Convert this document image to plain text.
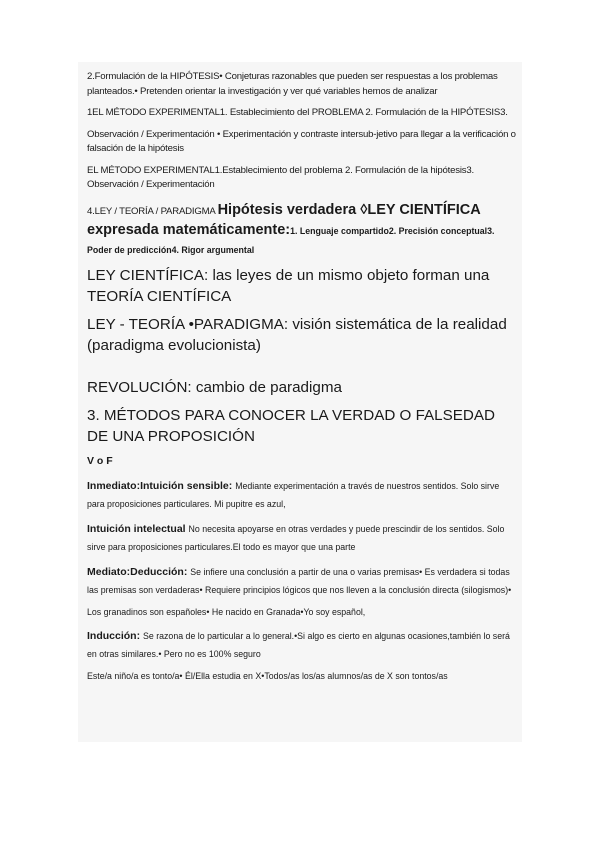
2.Formulación de la HIPÓTESIS• Conjeturas razonables que pueden ser respuestas a los problemas planteados.• Pretenden orientar la investigación y ver qué variables hemos de analizar

1EL MÉTODO EXPERIMENTAL1. Establecimiento del PROBLEMA 2. Formulación de la HIPÓTESIS3.

Observación / Experimentación • Experimentación y contraste intersub-jetivo para llegar a la verificación o falsación de la hipótesis

EL MÉTODO EXPERIMENTAL1.Establecimiento del problema 2. Formulación de la hipótesis3. Observación / Experimentación

4.LEY / TEORÍA / PARADIGMA Hipótesis verdadera ◊LEY CIENTÍFICA expresada matemáticamente:1. Lenguaje compartido2. Precisión conceptual3. Poder de predicción4. Rigor argumental

LEY CIENTÍFICA: las leyes de un mismo objeto forman una TEORÍA CIENTÍFICA

LEY - TEORÍA •PARADIGMA: visión sistemática de la realidad (paradigma evolucionista)

REVOLUCIÓN: cambio de paradigma

3. MÉTODOS PARA CONOCER LA VERDAD O FALSEDAD DE UNA PROPOSICIÓN

V o F

Inmediato:Intuición sensible: Mediante experimentación a través de nuestros sentidos. Solo sirve para proposiciones particulares. Mi pupitre es azul,

Intuición intelectual No necesita apoyarse en otras verdades y puede prescindir de los sentidos. Solo sirve para proposiciones particulares.El todo es mayor que una parte

Mediato:Deducción: Se infiere una conclusión a partir de una o varias premisas• Es verdadera si todas las premisas son verdaderas• Requiere principios lógicos que nos lleven a la conclusión directa (silogismos)•

Los granadinos son españoles• He nacido en Granada•Yo soy español,

Inducción: Se razona de lo particular a lo general.•Si algo es cierto en algunas ocasiones,también lo será en otras similares.• Pero no es 100% seguro

Este/a niño/a es tonto/a• Él/Ella estudia en X•Todos/as los/as alumnos/as de X son tontos/as
